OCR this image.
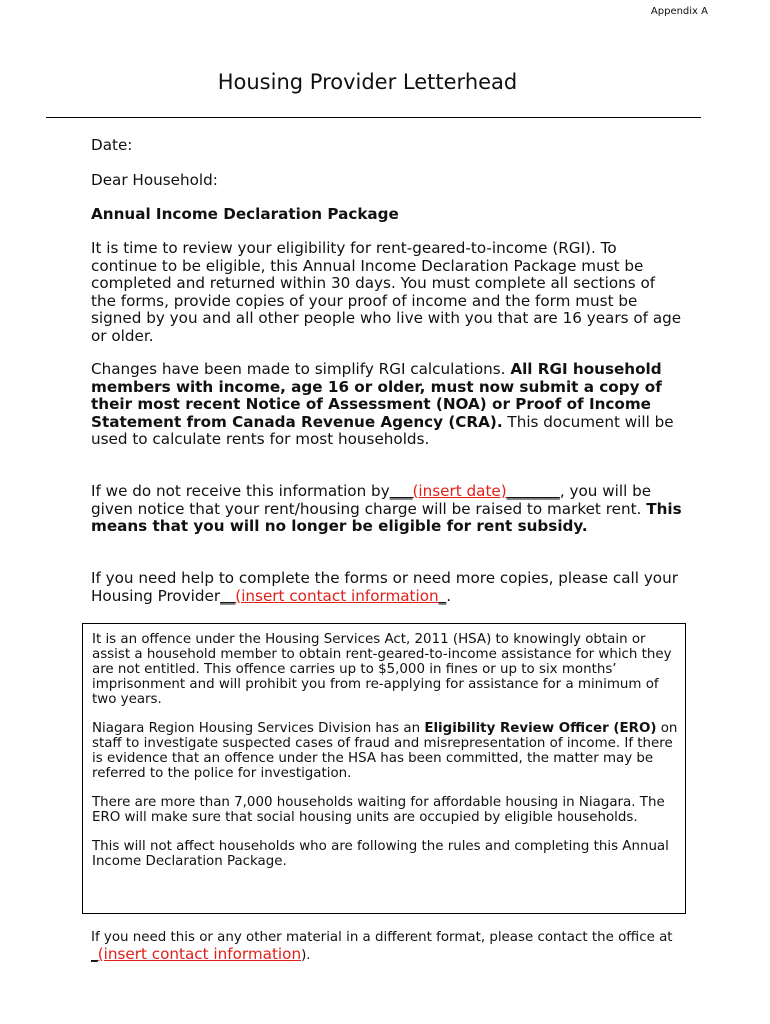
Appendix A
Housing Provider Letterhead

Date:

Dear Household:

Annual Income Declaration Package

It is time to review your eligibility for rent-geared-to-income (RGI). To continue to be eligible, this Annual Income Declaration Package must be completed and returned within 30 days. You must complete all sections of the forms, provide copies of your proof of income and the form must be signed by you and all other people who live with you that are 16 years of age or older.

Changes have been made to simplify RGI calculations. All RGI household members with income, age 16 or older, must now submit a copy of their most recent Notice of Assessment (NOA) or Proof of Income Statement from Canada Revenue Agency (CRA). This document will be used to calculate rents for most households.

If we do not receive this information by___(insert date)_______, you will be given notice that your rent/housing charge will be raised to market rent. This means that you will no longer be eligible for rent subsidy.

If you need help to complete the forms or need more copies, please call your Housing Provider__(insert contact information_.

It is an offence under the Housing Services Act, 2011 (HSA) to knowingly obtain or assist a household member to obtain rent-geared-to-income assistance for which they are not entitled. This offence carries up to $5,000 in fines or up to six months’ imprisonment and will prohibit you from re-applying for assistance for a minimum of two years.

Niagara Region Housing Services Division has an Eligibility Review Officer (ERO) on staff to investigate suspected cases of fraud and misrepresentation of income. If there is evidence that an offence under the HSA has been committed, the matter may be referred to the police for investigation.

There are more than 7,000 households waiting for affordable housing in Niagara. The ERO will make sure that social housing units are occupied by eligible households.

This will not affect households who are following the rules and completing this Annual Income Declaration Package.

If you need this or any other material in a different format, please contact the office at _(insert contact information).
